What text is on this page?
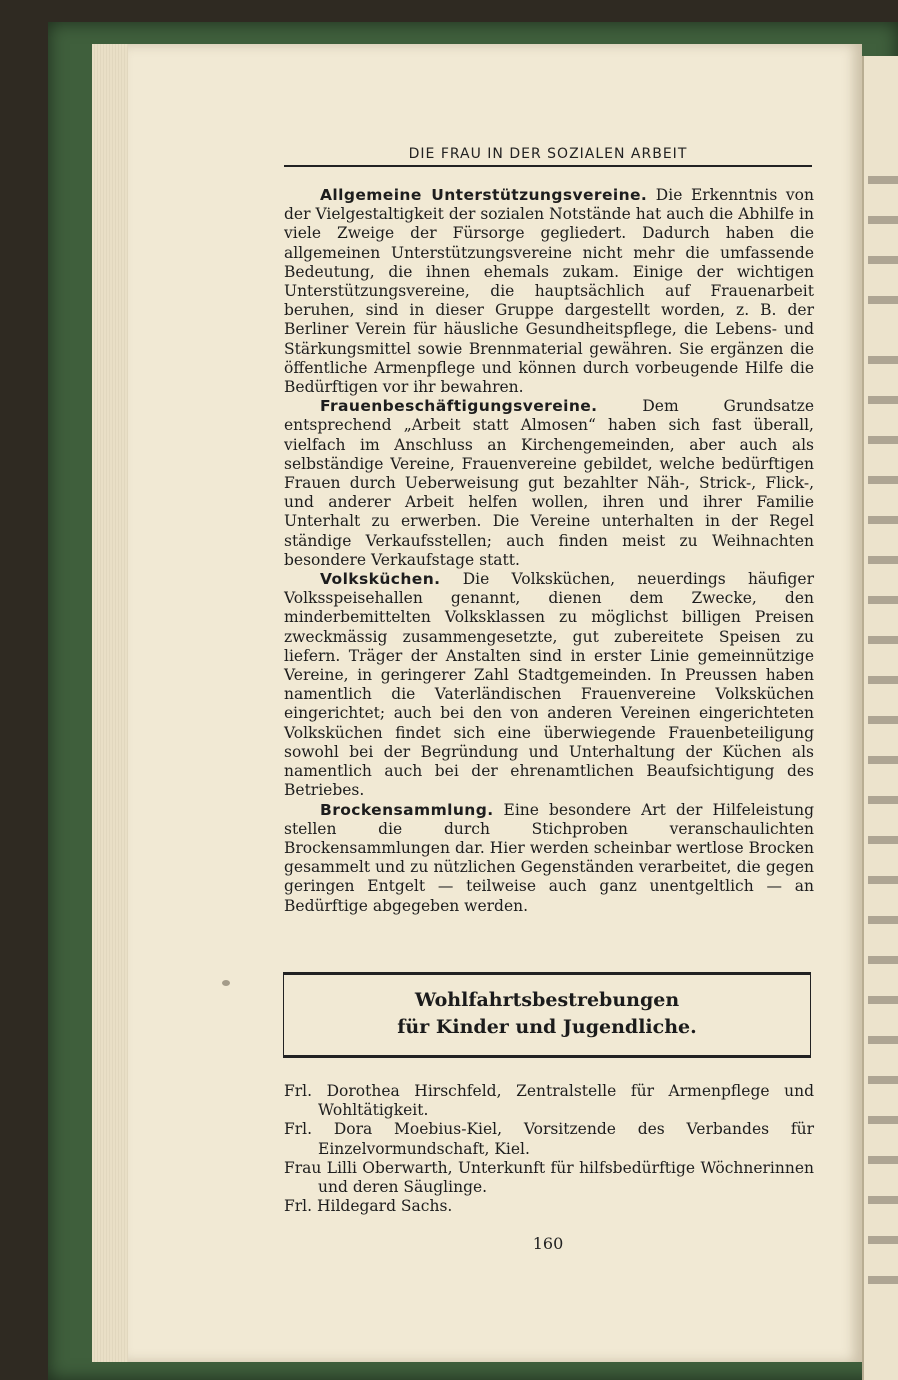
DIE FRAU IN DER SOZIALEN ARBEIT

Allgemeine Unterstützungsvereine. Die Erkenntnis von der Vielgestaltigkeit der sozialen Notstände hat auch die Abhilfe in viele Zweige der Fürsorge gegliedert. Dadurch haben die allgemeinen Unterstützungsvereine nicht mehr die umfassende Bedeutung, die ihnen ehemals zukam. Einige der wichtigen Unterstützungsvereine, die hauptsächlich auf Frauenarbeit beruhen, sind in dieser Gruppe dargestellt worden, z. B. der Berliner Verein für häusliche Gesundheitspflege, die Lebens- und Stärkungsmittel sowie Brennmaterial gewähren. Sie ergänzen die öffentliche Armenpflege und können durch vorbeugende Hilfe die Bedürftigen vor ihr bewahren.

Frauenbeschäftigungsvereine. Dem Grundsatze entsprechend „Arbeit statt Almosen“ haben sich fast überall, vielfach im Anschluss an Kirchengemeinden, aber auch als selbständige Vereine, Frauenvereine gebildet, welche bedürftigen Frauen durch Ueberweisung gut bezahlter Näh-, Strick-, Flick-, und anderer Arbeit helfen wollen, ihren und ihrer Familie Unterhalt zu erwerben. Die Vereine unterhalten in der Regel ständige Verkaufsstellen; auch finden meist zu Weihnachten besondere Verkaufstage statt.

Volksküchen. Die Volksküchen, neuerdings häufiger Volksspeisehallen genannt, dienen dem Zwecke, den minderbemittelten Volksklassen zu möglichst billigen Preisen zweckmässig zusammengesetzte, gut zubereitete Speisen zu liefern. Träger der Anstalten sind in erster Linie gemeinnützige Vereine, in geringerer Zahl Stadtgemeinden. In Preussen haben namentlich die Vaterländischen Frauenvereine Volksküchen eingerichtet; auch bei den von anderen Vereinen eingerichteten Volksküchen findet sich eine überwiegende Frauenbeteiligung sowohl bei der Begründung und Unterhaltung der Küchen als namentlich auch bei der ehrenamtlichen Beaufsichtigung des Betriebes.

Brockensammlung. Eine besondere Art der Hilfeleistung stellen die durch Stichproben veranschaulichten Brockensammlungen dar. Hier werden scheinbar wertlose Brocken gesammelt und zu nützlichen Gegenständen verarbeitet, die gegen geringen Entgelt — teilweise auch ganz unentgeltlich — an Bedürftige abgegeben werden.

Wohlfahrtsbestrebungen
für Kinder und Jugendliche.

Frl. Dorothea Hirschfeld, Zentralstelle für Armenpflege und Wohltätigkeit.

Frl. Dora Moebius-Kiel, Vorsitzende des Verbandes für Einzelvormundschaft, Kiel.

Frau Lilli Oberwarth, Unterkunft für hilfsbedürftige Wöchnerinnen und deren Säuglinge.

Frl. Hildegard Sachs.

160
